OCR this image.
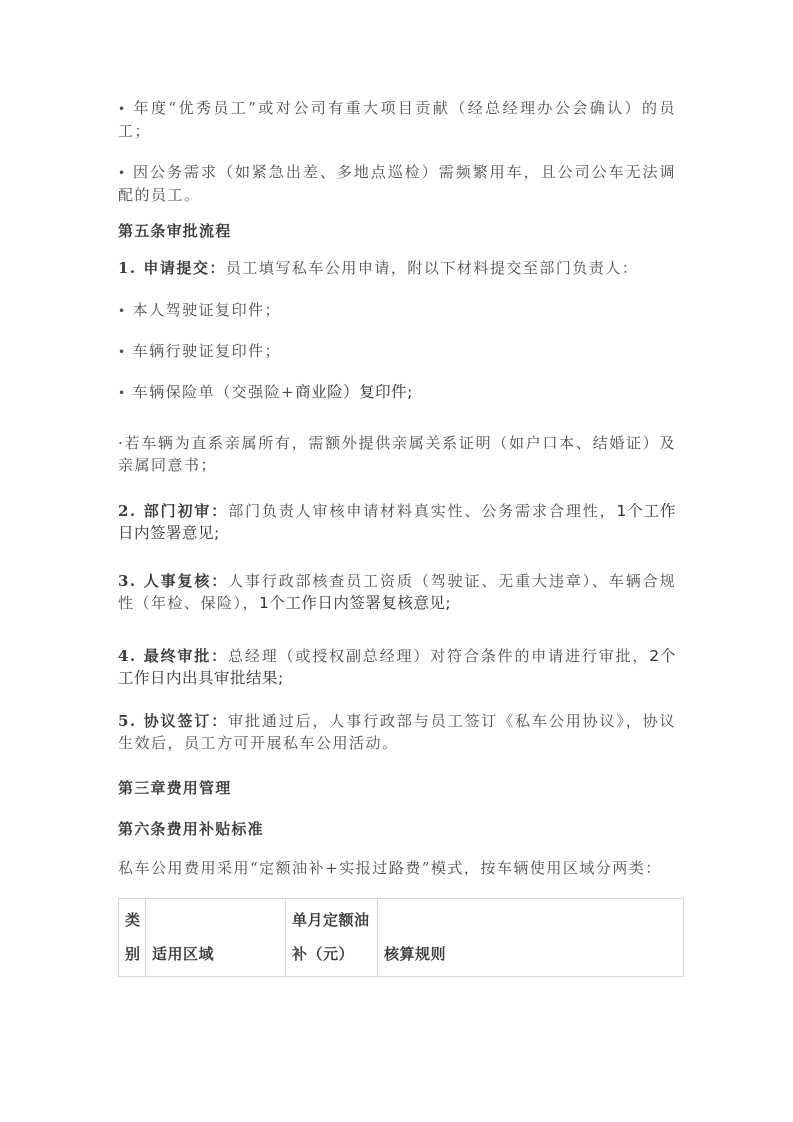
• 年度“优秀员工”或对公司有重大项目贡献（经总经理办公会确认）的员工；

• 因公务需求（如紧急出差、多地点巡检）需频繁用车，且公司公车无法调配的员工。

第五条审批流程

1. 申请提交：员工填写私车公用申请，附以下材料提交至部门负责人：

• 本人驾驶证复印件；

• 车辆行驶证复印件；

• 车辆保险单（交强险+商业险）复印件;

·若车辆为直系亲属所有，需额外提供亲属关系证明（如户口本、结婚证）及亲属同意书；

2. 部门初审：部门负责人审核申请材料真实性、公务需求合理性，1个工作日内签署意见;

3. 人事复核：人事行政部核查员工资质（驾驶证、无重大违章）、车辆合规性（年检、保险），1个工作日内签署复核意见;

4. 最终审批：总经理（或授权副总经理）对符合条件的申请进行审批，2个工作日内出具审批结果;

5. 协议签订：审批通过后，人事行政部与员工签订《私车公用协议》，协议生效后，员工方可开展私车公用活动。

第三章费用管理

第六条费用补贴标准

私车公用费用采用“定额油补+实报过路费”模式，按车辆使用区域分两类：

类别	适用区域	单月定额油补（元）	核算规则
